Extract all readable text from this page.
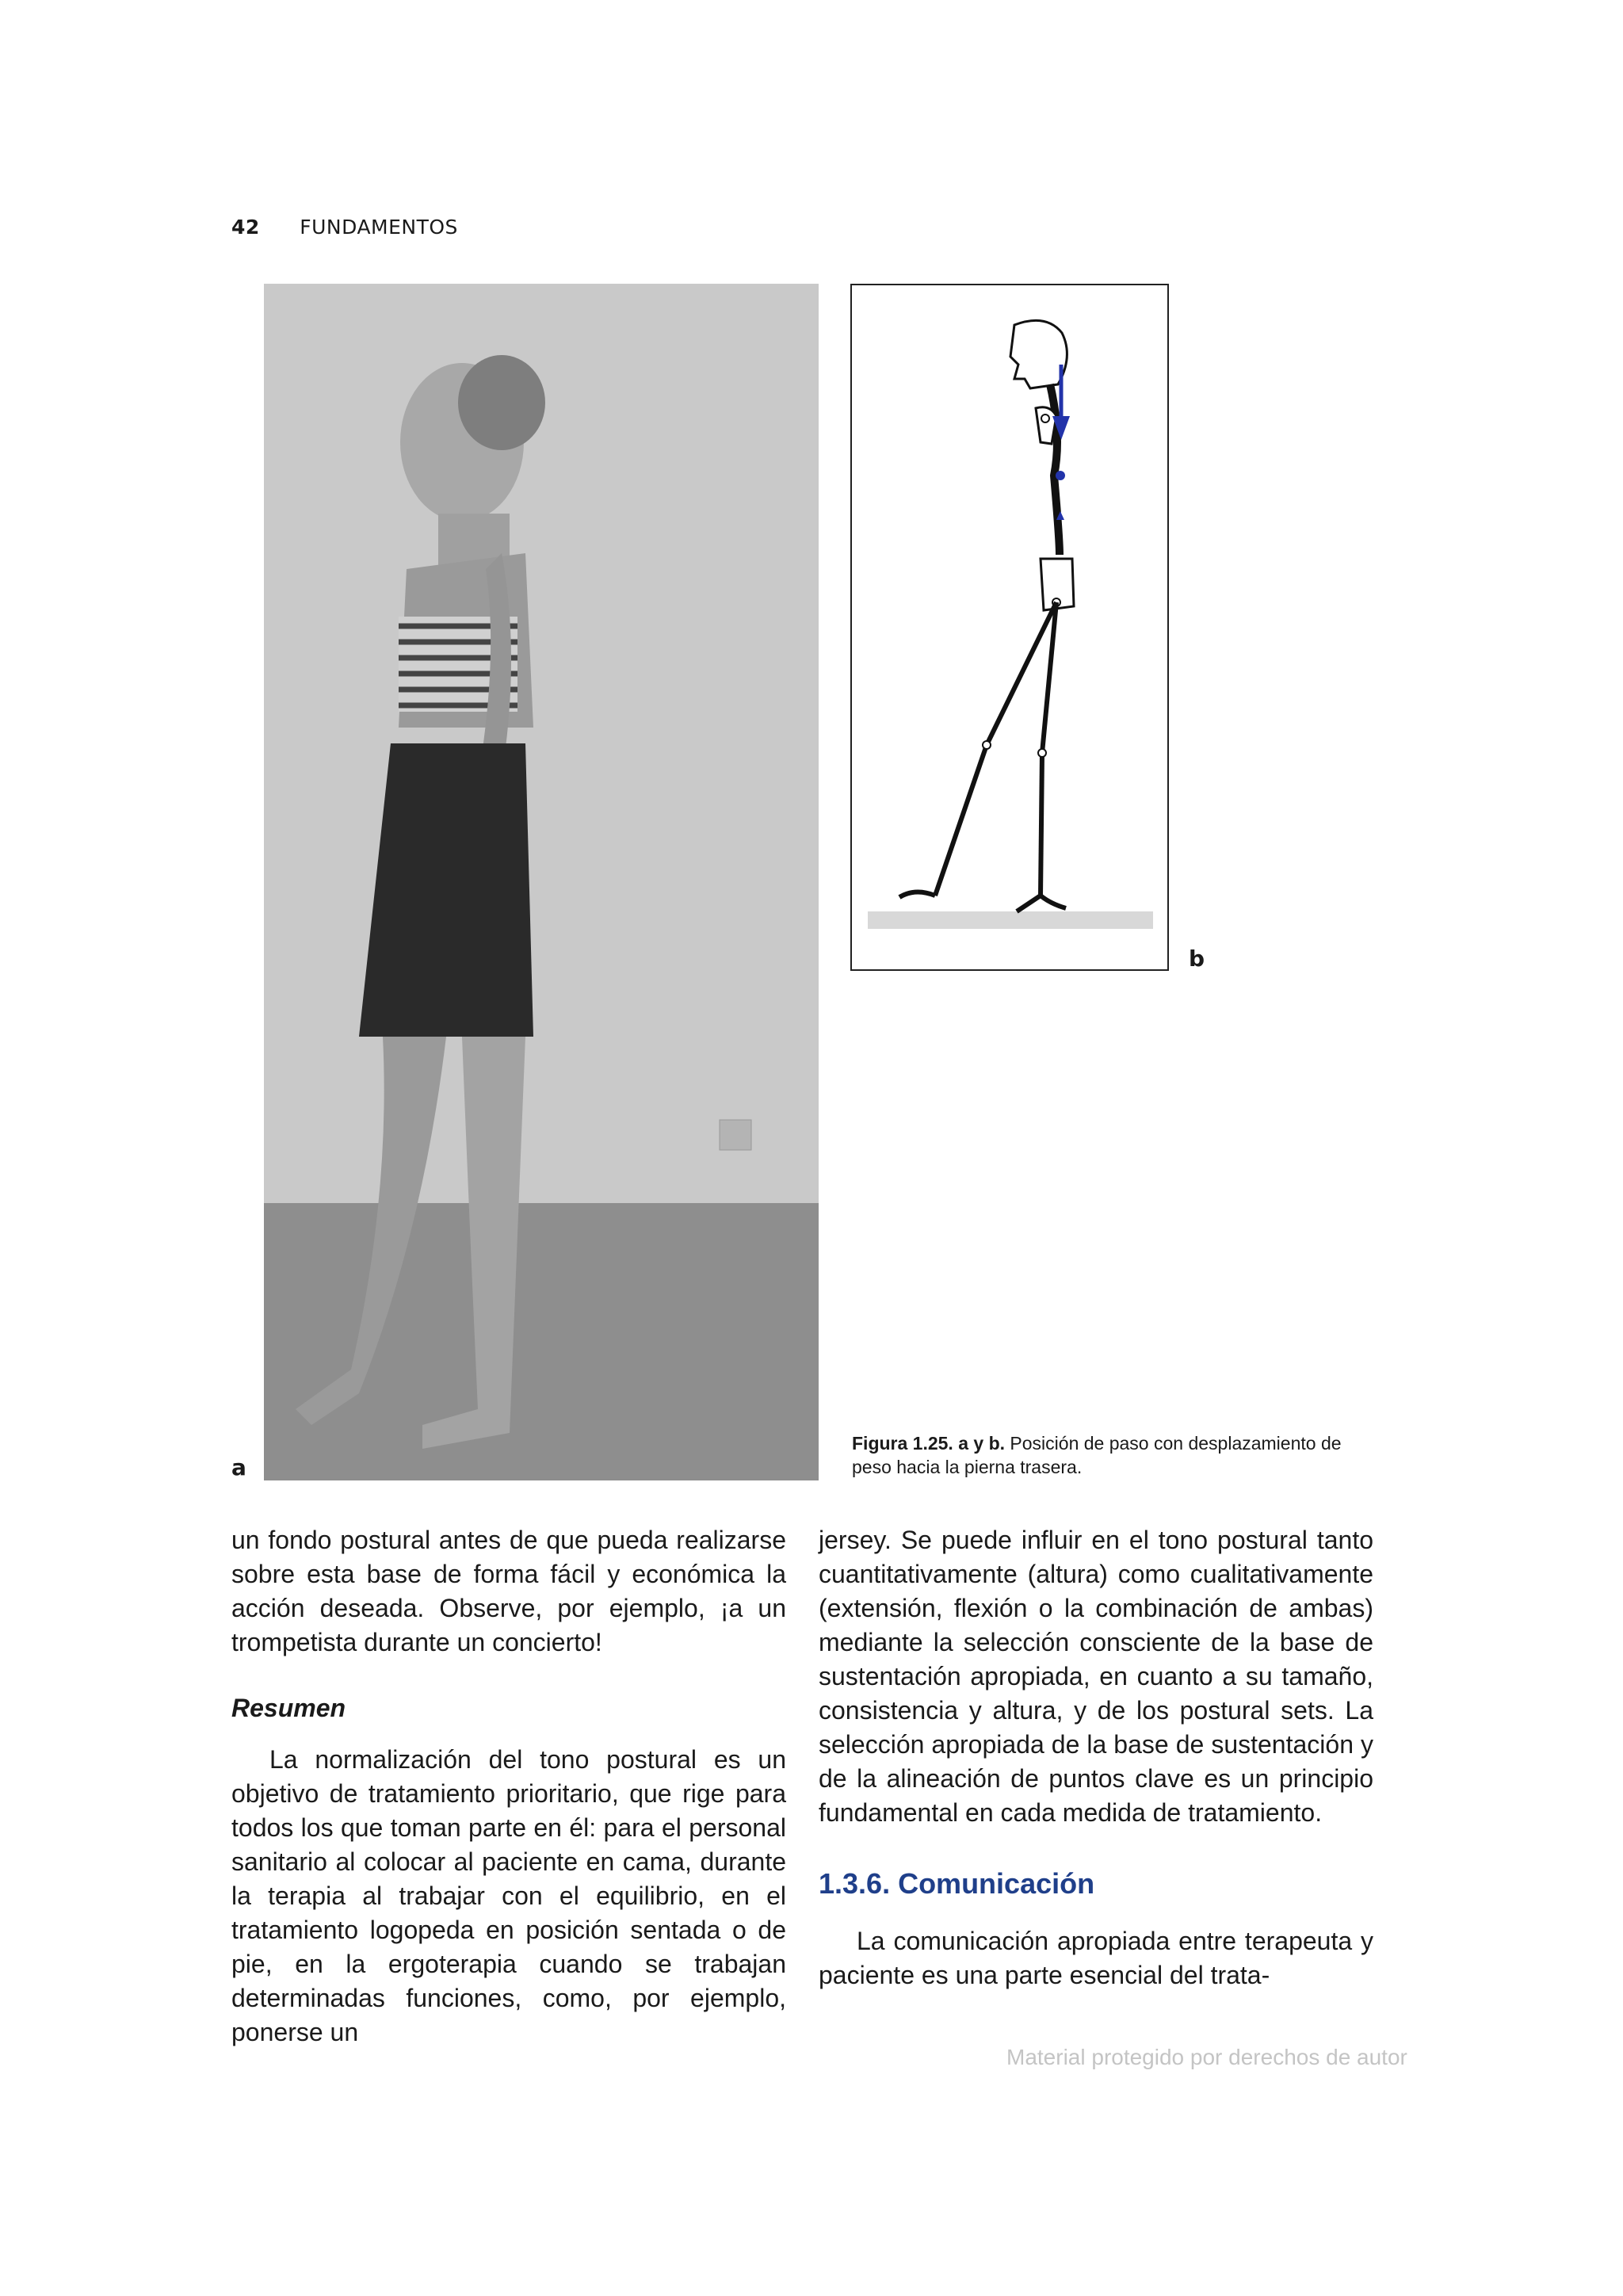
42 FUNDAMENTOS
a
b
Figura 1.25. a y b. Posición de paso con desplazamiento de peso hacia la pierna trasera.

un fondo postural antes de que pueda realizarse sobre esta base de forma fácil y económica la acción deseada. Observe, por ejemplo, ¡a un trompetista durante un concierto!

Resumen

La normalización del tono postural es un objetivo de tratamiento prioritario, que rige para todos los que toman parte en él: para el personal sanitario al colocar al paciente en cama, durante la terapia al trabajar con el equilibrio, en el tratamiento logopeda en posición sentada o de pie, en la ergoterapia cuando se trabajan determinadas funciones, como, por ejemplo, ponerse un

jersey. Se puede influir en el tono postural tanto cuantitativamente (altura) como cualitativamente (extensión, flexión o la combinación de ambas) mediante la selección consciente de la base de sustentación apropiada, en cuanto a su tamaño, consistencia y altura, y de los postural sets. La selección apropiada de la base de sustentación y de la alineación de puntos clave es un principio fundamental en cada medida de tratamiento.

1.3.6. Comunicación

La comunicación apropiada entre terapeuta y paciente es una parte esencial del trata-

Material protegido por derechos de autor
